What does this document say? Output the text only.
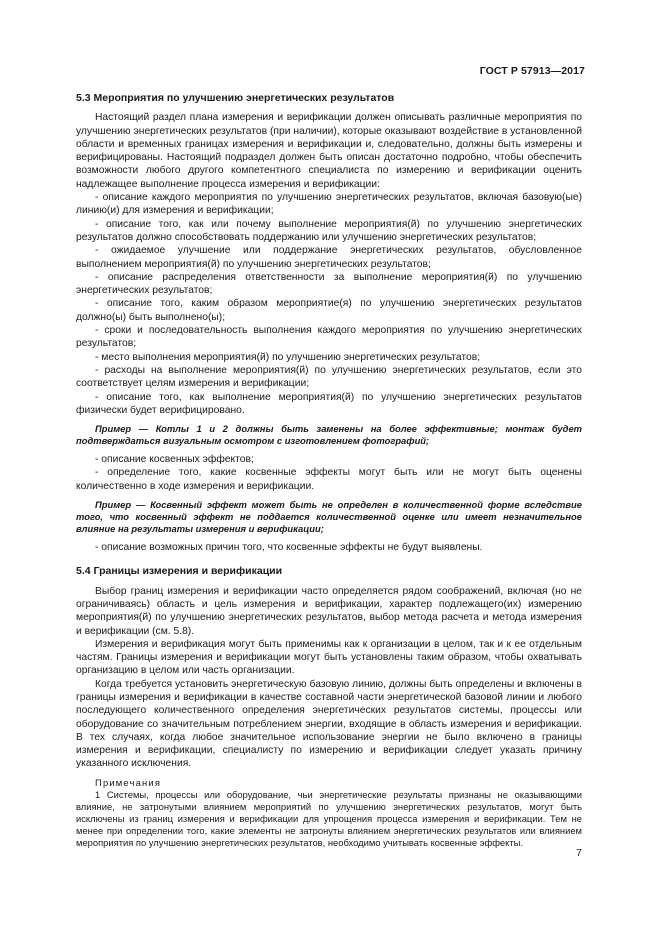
ГОСТ Р 57913—2017
5.3 Мероприятия по улучшению энергетических результатов

Настоящий раздел плана измерения и верификации должен описывать различные мероприятия по улучшению энергетических результатов (при наличии), которые оказывают воздействие в установленной области и временных границах измерения и верификации и, следовательно, должны быть измерены и верифицированы. Настоящий подраздел должен быть описан достаточно подробно, чтобы обеспечить возможности любого другого компетентного специалиста по измерению и верификации оценить надлежащее выполнение процесса измерения и верификации:

- описание каждого мероприятия по улучшению энергетических результатов, включая базовую(ые) линию(и) для измерения и верификации;

- описание того, как или почему выполнение мероприятия(й) по улучшению энергетических результатов должно способствовать поддержанию или улучшению энергетических результатов;

- ожидаемое улучшение или поддержание энергетических результатов, обусловленное выполнением мероприятия(й) по улучшению энергетических результатов;

- описание распределения ответственности за выполнение мероприятия(й) по улучшению энергетических результатов;

- описание того, каким образом мероприятие(я) по улучшению энергетических результатов должно(ы) быть выполнено(ы);

- сроки и последовательность выполнения каждого мероприятия по улучшению энергетических результатов;

- место выполнения мероприятия(й) по улучшению энергетических результатов;

- расходы на выполнение мероприятия(й) по улучшению энергетических результатов, если это соответствует целям измерения и верификации;

- описание того, как выполнение мероприятия(й) по улучшению энергетических результатов физически будет верифицировано.

Пример — Котлы 1 и 2 должны быть заменены на более эффективные; монтаж будет подтверждаться визуальным осмотром с изготовлением фотографий;

- описание косвенных эффектов;

- определение того, какие косвенные эффекты могут быть или не могут быть оценены количественно в ходе измерения и верификации.

Пример — Косвенный эффект может быть не определен в количественной форме вследствие того, что косвенный эффект не поддается количественной оценке или имеет незначительное влияние на результаты измерения и верификации;

- описание возможных причин того, что косвенные эффекты не будут выявлены.

5.4 Границы измерения и верификации

Выбор границ измерения и верификации часто определяется рядом соображений, включая (но не ограничиваясь) область и цель измерения и верификации, характер подлежащего(их) измерению мероприятия(й) по улучшению энергетических результатов, выбор метода расчета и метода измерения и верификации (см. 5.8).

Измерения и верификация могут быть применимы как к организации в целом, так и к ее отдельным частям. Границы измерения и верификации могут быть установлены таким образом, чтобы охватывать организацию в целом или часть организации.

Когда требуется установить энергетическую базовую линию, должны быть определены и включены в границы измерения и верификации в качестве составной части энергетической базовой линии и любого последующего количественного определения энергетических результатов системы, процессы или оборудование со значительным потреблением энергии, входящие в область измерения и верификации. В тех случаях, когда любое значительное использование энергии не было включено в границы измерения и верификации, специалисту по измерению и верификации следует указать причину указанного исключения.

Примечания

1 Системы, процессы или оборудование, чьи энергетические результаты признаны не оказывающими влияние, не затронутыми влиянием мероприятий по улучшению энергетических результатов, могут быть исключены из границ измерения и верификации для упрощения процесса измерения и верификации. Тем не менее при определении того, какие элементы не затронуты влиянием энергетических результатов или влиянием мероприятия по улучшению энергетических результатов, необходимо учитывать косвенные эффекты.

7
